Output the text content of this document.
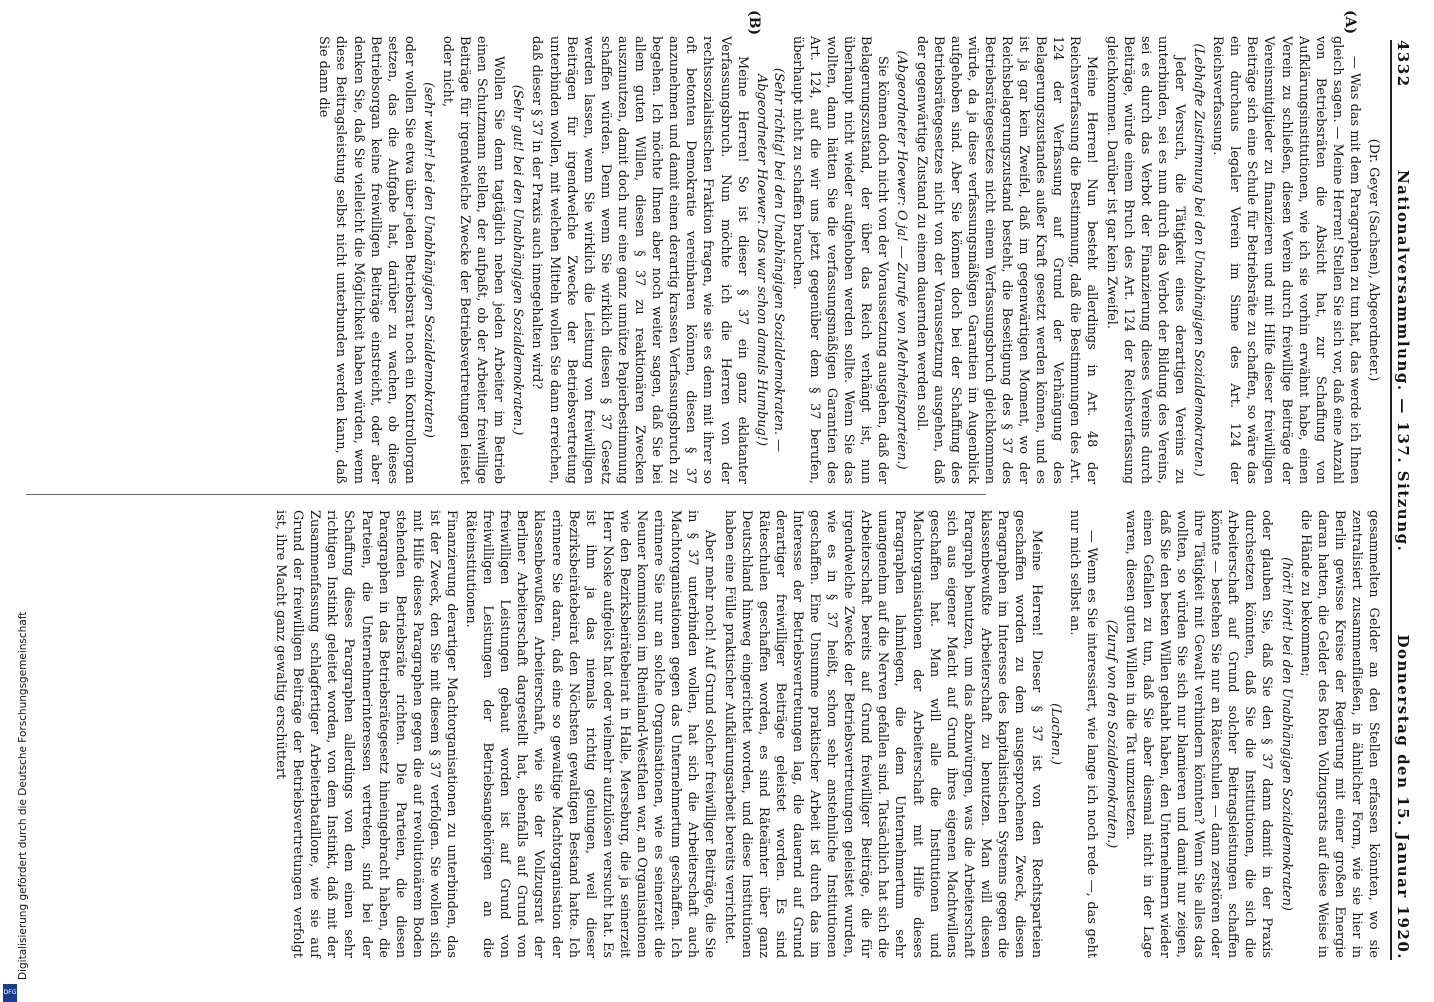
Digitalisierung gefördert durch die Deutsche Forschungsgemeinschaft
DFG
4332
Nationalversammlung. — 137. Sitzung.
Donnerstag den 15. Januar 1920.
(A)
(B)

(Dr. Geyer (Sachsen), Abgeordneter.)

— Was das mit dem Paragraphen zu tun hat, das werde ich Ihnen gleich sagen. — Meine Herren! Stellen Sie sich vor, daß eine Anzahl von Betriebsräten die Absicht hat, zur Schaffung von Aufklärungsinstitutionen, wie ich sie vorhin erwähnt habe, einen Verein zu schließen, diesen Verein durch freiwillige Beiträge der Vereinsmitglieder zu finanzieren und mit Hilfe dieser freiwilligen Beiträge sich eine Schule für Betriebsräte zu schaffen, so wäre das ein durchaus legaler Verein im Sinne des Art. 124 der Reichsverfassung.

(Lebhafte Zustimmung bei den Unabhängigen Sozialdemokraten.)

Jeder Versuch, die Tätigkeit eines derartigen Vereins zu unterbinden, sei es nun durch das Verbot der Bildung des Vereins, sei es durch das Verbot der Finanzierung dieses Vereins durch Beiträge, würde einem Bruch des Art. 124 der Reichsverfassung gleichkommen. Darüber ist gar kein Zweifel.

Meine Herren! Nun besteht allerdings in Art. 48 der Reichsverfassung die Bestimmung, daß die Bestimmungen des Art. 124 der Verfassung auf Grund der Verhängung des Belagerungszustandes außer Kraft gesetzt werden können, und es ist ja gar kein Zweifel, daß im gegenwärtigen Moment, wo der Reichsbelagerungszustand besteht, die Beseitigung des § 37 des Betriebsrätegesetzes nicht einem Verfassungsbruch gleichkommen würde, da ja diese verfassungsmäßigen Garantien im Augenblick aufgehoben sind. Aber Sie können doch bei der Schaffung des Betriebsrätegesetzes nicht von der Voraussetzung ausgehen, daß der gegenwärtige Zustand zu einem dauernden werden soll.

(Abgeordneter Hoewer: O ja! — Zurufe von Mehrheitsparteien.)

Sie können doch nicht von der Voraussetzung ausgehen, daß der Belagerungszustand, der über das Reich verhängt ist, nun überhaupt nicht wieder aufgehoben werden sollte. Wenn Sie das wollten, dann hätten Sie die verfassungsmäßigen Garantien des Art. 124, auf die wir uns jetzt gegenüber dem § 37 berufen, überhaupt nicht zu schaffen brauchen.

(Sehr richtig! bei den Unabhängigen Sozialdemokraten. — Abgeordneter Hoewer: Das war schon damals Humbug!)

Meine Herren! So ist dieser § 37 ein ganz eklatanter Verfassungsbruch. Nun möchte ich die Herren von der rechtssozialistischen Fraktion fragen, wie sie es denn mit ihrer so oft betonten Demokratie vereinbaren können, diesen § 37 anzunehmen und damit einen derartig krassen Verfassungsbruch zu begehen. Ich möchte Ihnen aber noch weiter sagen, daß Sie bei allem guten Willen, diesen § 37 zu reaktionären Zwecken auszunutzen, damit doch nur eine ganz unnütze Papierbestimmung schaffen würden. Denn wenn Sie wirklich diesen § 37 Gesetz werden lassen, wenn Sie wirklich die Leistung von freiwilligen Beiträgen für irgendwelche Zwecke der Betriebsvertretung unterbinden wollen, mit welchen Mitteln wollen Sie dann erreichen, daß dieser § 37 in der Praxis auch innegehalten wird?

(Sehr gut! bei den Unabhängigen Sozialdemokraten.)

Wollen Sie denn tagtäglich neben jeden Arbeiter im Betrieb einen Schutzmann stellen, der aufpaßt, ob der Arbeiter freiwillige Beiträge für irgendwelche Zwecke der Betriebsvertretungen leistet oder nicht,

(sehr wahr! bei den Unabhängigen Sozialdemokraten)

oder wollen Sie etwa über jeden Betriebsrat noch ein Kontrollorgan setzen, das die Aufgabe hat, darüber zu wachen, ob dieses Betriebsorgan keine freiwilligen Beiträge einstreicht, oder aber denken Sie, daß Sie vielleicht die Möglichkeit haben würden, wenn diese Beitragsleistung selbst nicht unterbunden werden kann, daß Sie dann die

gesammelten Gelder an den Stellen erfassen könnten, wo sie zentralisiert zusammenfließen, in ähnlicher Form, wie sie hier in Berlin gewisse Kreise der Regierung mit einer großen Energie daran hatten, die Gelder des Roten Vollzugsrats auf diese Weise in die Hände zu bekommen;

(hört! hört! bei den Unabhängigen Sozialdemokraten)

oder glauben Sie, daß Sie den § 37 dann damit in der Praxis durchsetzen könnten, daß Sie die Institutionen, die sich die Arbeiterschaft auf Grund solcher Beitragsleistungen schaffen könnte — bestehen Sie nur an Räteschulen — dann zerstören oder ihre Tätigkeit mit Gewalt verhindern könnten? Wenn Sie alles das wollten, so würden Sie sich nur blamieren und damit nur zeigen, daß Sie den besten Willen gehabt haben, den Unternehmern wieder einen Gefallen zu tun, daß Sie aber diesmal nicht in der Lage waren, diesen guten Willen in die Tat umzusetzen.

(Zuruf von den Sozialdemokraten.)

— Wenn es Sie interessiert, wie lange ich noch rede —, das geht nur mich selbst an.

(Lachen.)

Meine Herren! Dieser § 37 ist von den Rechtsparteien geschaffen worden zu dem ausgesprochenen Zweck, diesen Paragraphen im Interesse des kapitalistischen Systems gegen die klassenbewußte Arbeiterschaft zu benutzen. Man will diesen Paragraph benutzen, um das abzuwürgen, was die Arbeiterschaft sich aus eigener Macht auf Grund ihres eigenen Machtwillens geschaffen hat. Man will alle die Institutionen und Machtorganisationen der Arbeiterschaft mit Hilfe dieses Paragraphen lahmlegen, die dem Unternehmertum sehr unangenehm auf die Nerven gefallen sind. Tatsächlich hat sich die Arbeiterschaft bereits auf Grund freiwilliger Beiträge, die für irgendwelche Zwecke der Betriebsvertretungen geleistet wurden, wie es in § 37 heißt, schon sehr anstehnliche Institutionen geschaffen. Eine Unsumme praktischer Arbeit ist durch das im Interesse der Betriebsvertretungen lag, die dauernd auf Grund derartiger freiwilliger Beiträge geleistet worden. Es sind Räteschulen geschaffen worden, es sind Räteämter über ganz Deutschland hinweg eingerichtet worden, und diese Institutionen haben eine Fülle praktischer Aufklärungsarbeit bereits verrichtet.

Aber mehr noch! Auf Grund solcher freiwilliger Beiträge, die Sie in § 37 unterbinden wollen, hat sich die Arbeiterschaft auch Machtorganisationen gegen das Unternehmertum geschaffen. Ich erinnere Sie nur an solche Organisationen, wie es seinerzeit die Neuner kommission im Rheinland-Westfalen war, an Organisationen wie den Bezirksbeirätebeirat in Halle, Merseburg, die ja seinerzeit Herr Noske aufgelöst hat oder vielmehr aufzulösen versucht hat. Es ist ihm ja das niemals richtig gelungen, weil dieser Bezirksbeirätebeirat den Nöchsten gewaltigen Bestand hatte. Ich erinnere Sie daran, daß eine so gewaltige Machtorganisation der klassenbewußten Arbeiterschaft, wie sie der Vollzugsrat der Berliner Arbeiterschaft dargestellt hat, ebenfalls auf Grund von freiwilligen Leistungen gebaut worden ist auf Grund von freiwilligen Leistungen der Betriebsangehörigen an die Räteinstitutionen.

Finanzierung derartiger Machtorganisationen zu unterbinden, das ist der Zweck, den Sie mit diesem § 37 verfolgen. Sie wollen sich mit Hilfe dieses Paragraphen gegen die auf revolutionärem Boden stehenden Betriebsräte richten. Die Parteien, die diesen Paragraphen in das Betriebsrätegesetz hineingebracht haben, die Parteien, die Unternehmerinteressen vertreten, sind bei der Schaffung dieses Paragraphen allerdings von dem einen sehr richtigen Instinkt geleitet worden, von dem Instinkt, daß mit der Zusammenfassung schlagfertiger Arbeiterbataillone, wie sie auf Grund der freiwilligen Beiträge der Betriebsvertretungen verfolgt ist, ihre Macht ganz gewaltig erschüttert
